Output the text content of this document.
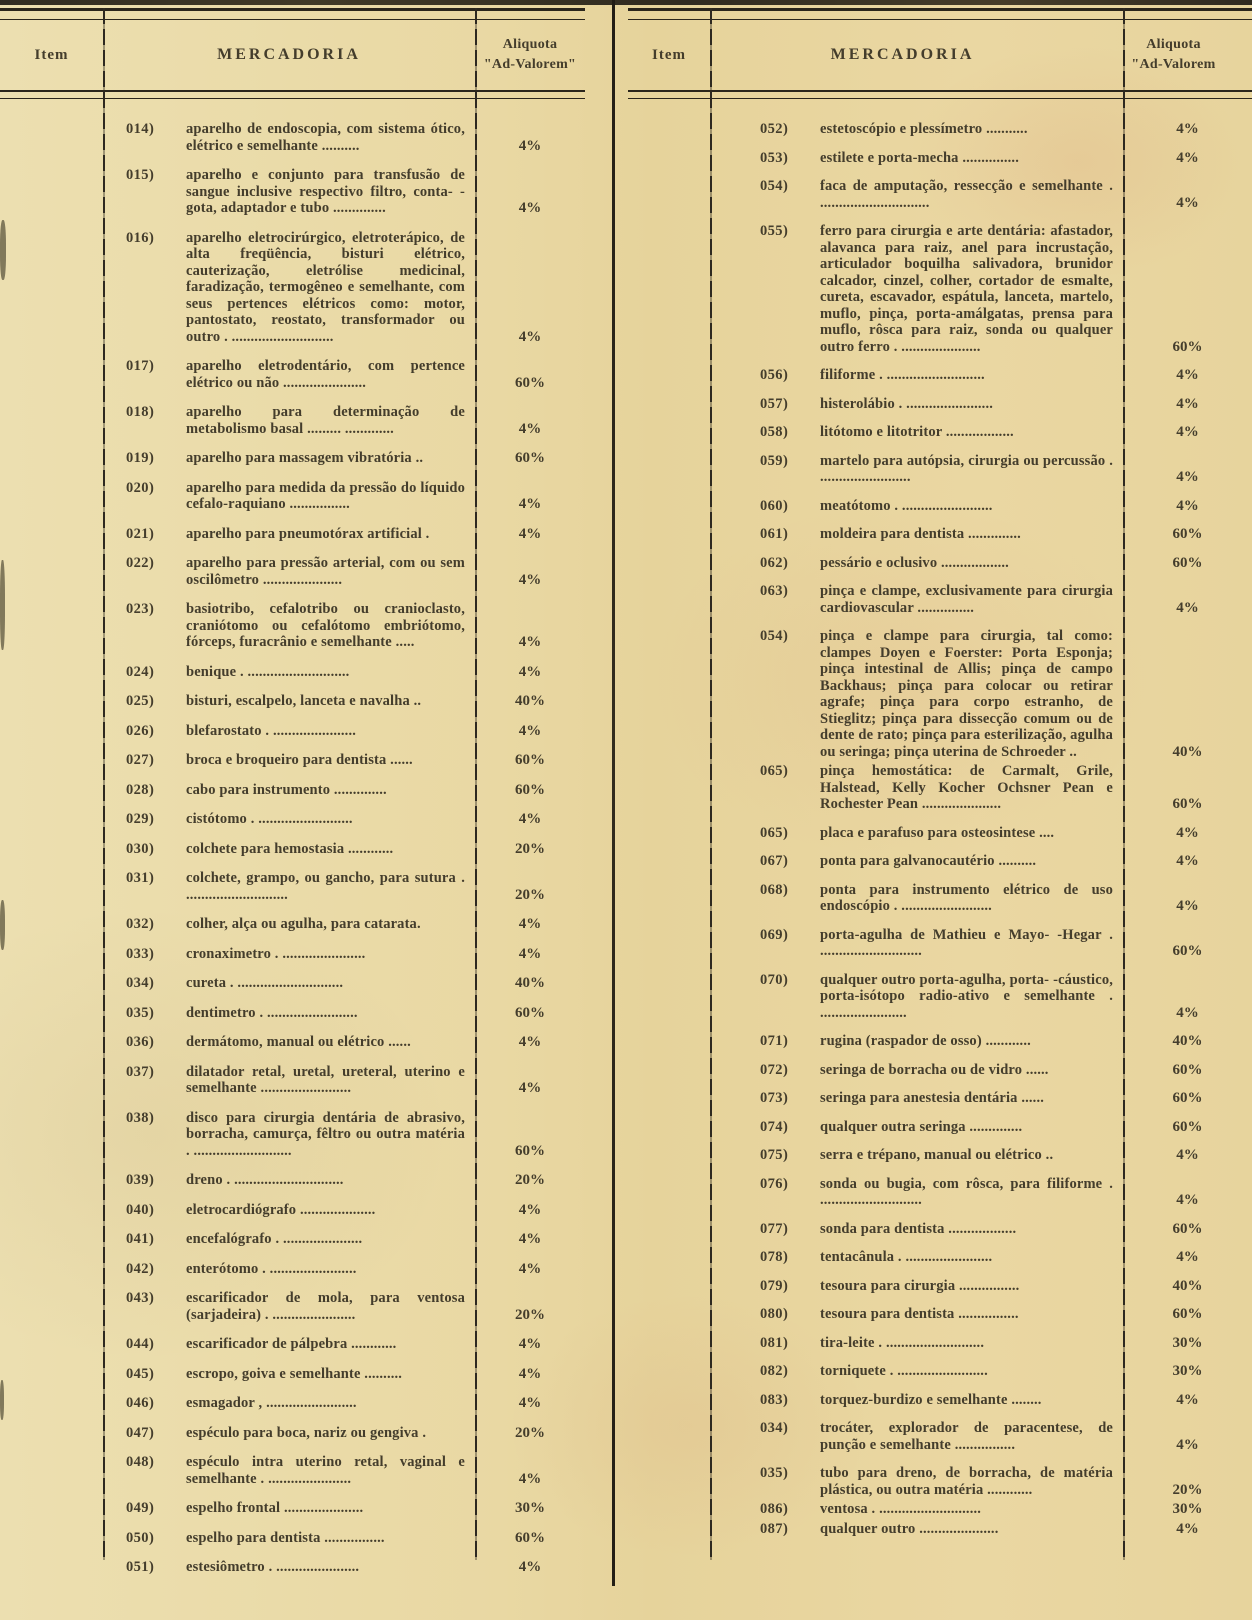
Item	MERCADORIA
Aliquota
"Ad-Valorem"
014)	aparelho de endoscopia, com sistema ótico, elétrico e semelhante ..........	4%
015)	aparelho e conjunto para transfusão de sangue inclusive respectivo filtro, conta- -gota, adaptador e tubo ..............	4%
016)	aparelho eletrocirúrgico, eletroterápico, de alta freqüência, bisturi elétrico, cauterização, eletrólise medicinal, faradização, termogêneo e semelhante, com seus pertences elétricos como: motor, pantostato, reostato, transformador ou outro . ...........................	4%
017)	aparelho eletrodentário, com pertence elétrico ou não ......................	60%
018)	aparelho para determinação de metabolismo basal ......... .............	4%
019)	aparelho para massagem vibratória ..	60%
020)	aparelho para medida da pressão do líquido cefalo-raquiano ................	4%
021)	aparelho para pneumotórax artificial .	4%
022)	aparelho para pressão arterial, com ou sem oscilômetro .....................	4%
023)	basiotribo, cefalotribo ou cranioclasto, craniótomo ou cefalótomo embriótomo, fórceps, furacrânio e semelhante .....	4%
024)	benique . ...........................	4%
025)	bisturi, escalpelo, lanceta e navalha ..	40%
026)	blefarostato . ......................	4%
027)	broca e broqueiro para dentista ......	60%
028)	cabo para instrumento ..............	60%
029)	cistótomo . .........................	4%
030)	colchete para hemostasia ............	20%
031)	colchete, grampo, ou gancho, para sutura . ...........................	20%
032)	colher, alça ou agulha, para catarata.	4%
033)	cronaximetro . ......................	4%
034)	cureta . ............................	40%
035)	dentimetro . ........................	60%
036)	dermátomo, manual ou elétrico ......	4%
037)	dilatador retal, uretal, ureteral, uterino e semelhante ........................	4%
038)	disco para cirurgia dentária de abrasivo, borracha, camurça, fêltro ou outra matéria . ..........................	60%
039)	dreno . .............................	20%
040)	eletrocardiógrafo ....................	4%
041)	encefalógrafo . .....................	4%
042)	enterótomo . .......................	4%
043)	escarificador de mola, para ventosa (sarjadeira) . ......................	20%
044)	escarificador de pálpebra ............	4%
045)	escropo, goiva e semelhante ..........	4%
046)	esmagador , ........................	4%
047)	espéculo para boca, nariz ou gengiva .	20%
048)	espéculo intra uterino retal, vaginal e semelhante . ......................	4%
049)	espelho frontal .....................	30%
050)	espelho para dentista ................	60%
051)	estesiômetro . ......................	4%
Item	MERCADORIA
Aliquota
"Ad-Valorem
052)	estetoscópio e plessímetro ...........	4%
053)	estilete e porta-mecha ...............	4%
054)	faca de amputação, ressecção e semelhante . .............................	4%
055)	ferro para cirurgia e arte dentária: afastador, alavanca para raiz, anel para incrustação, articulador boquilha salivadora, brunidor calcador, cinzel, colher, cortador de esmalte, cureta, escavador, espátula, lanceta, martelo, muflo, pinça, porta-amálgatas, prensa para muflo, rôsca para raiz, sonda ou qualquer outro ferro . .....................	60%
056)	filiforme . ..........................	4%
057)	histerolábio . .......................	4%
058)	litótomo e litotritor ..................	4%
059)	martelo para autópsia, cirurgia ou percussão . ........................	4%
060)	meatótomo . ........................	4%
061)	moldeira para dentista ..............	60%
062)	pessário e oclusivo ..................	60%
063)	pinça e clampe, exclusivamente para cirurgia cardiovascular ...............	4%
054)	pinça e clampe para cirurgia, tal como: clampes Doyen e Foerster: Porta Esponja; pinça intestinal de Allis; pinça de campo Backhaus; pinça para colocar ou retirar agrafe; pinça para corpo estranho, de Stieglitz; pinça para dissecção comum ou de dente de rato; pinça para esterilização, agulha ou seringa; pinça uterina de Schroeder ..	40%
065)	pinça hemostática: de Carmalt, Grile, Halstead, Kelly Kocher Ochsner Pean e Rochester Pean .....................	60%
065)	placa e parafuso para osteosintese ....	4%
067)	ponta para galvanocautério ..........	4%
068)	ponta para instrumento elétrico de uso endoscópio . ........................	4%
069)	porta-agulha de Mathieu e Mayo- -Hegar . ...........................	60%
070)	qualquer outro porta-agulha, porta- -cáustico, porta-isótopo radio-ativo e semelhante . .......................	4%
071)	rugina (raspador de osso) ............	40%
072)	seringa de borracha ou de vidro ......	60%
073)	seringa para anestesia dentária ......	60%
074)	qualquer outra seringa ..............	60%
075)	serra e trépano, manual ou elétrico ..	4%
076)	sonda ou bugia, com rôsca, para filiforme . ...........................	4%
077)	sonda para dentista ..................	60%
078)	tentacânula . .......................	4%
079)	tesoura para cirurgia ................	40%
080)	tesoura para dentista ................	60%
081)	tira-leite . ..........................	30%
082)	torniquete . ........................	30%
083)	torquez-burdizo e semelhante ........	4%
034)	trocáter, explorador de paracentese, de punção e semelhante ................	4%
035)	tubo para dreno, de borracha, de matéria plástica, ou outra matéria ............	20%
086)	ventosa . ...........................	30%
087)	qualquer outro .....................	4%
